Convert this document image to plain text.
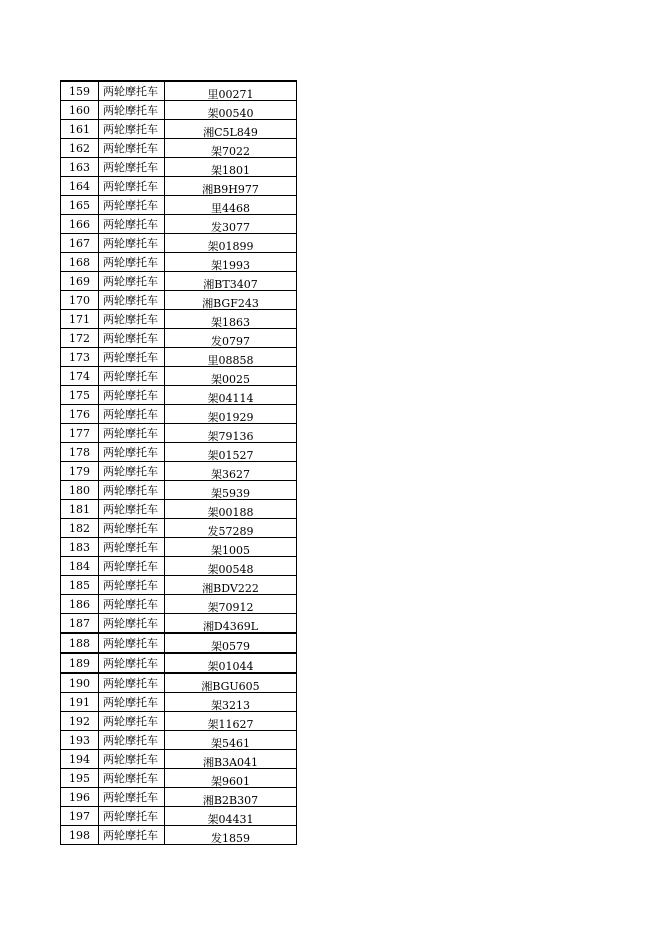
159	两轮摩托车	里00271
160	两轮摩托车	架00540
161	两轮摩托车	湘C5L849
162	两轮摩托车	架7022
163	两轮摩托车	架1801
164	两轮摩托车	湘B9H977
165	两轮摩托车	里4468
166	两轮摩托车	发3077
167	两轮摩托车	架01899
168	两轮摩托车	架1993
169	两轮摩托车	湘BT3407
170	两轮摩托车	湘BGF243
171	两轮摩托车	架1863
172	两轮摩托车	发0797
173	两轮摩托车	里08858
174	两轮摩托车	架0025
175	两轮摩托车	架04114
176	两轮摩托车	架01929
177	两轮摩托车	架79136
178	两轮摩托车	架01527
179	两轮摩托车	架3627
180	两轮摩托车	架5939
181	两轮摩托车	架00188
182	两轮摩托车	发57289
183	两轮摩托车	架1005
184	两轮摩托车	架00548
185	两轮摩托车	湘BDV222
186	两轮摩托车	架70912
187	两轮摩托车	湘D4369L
188	两轮摩托车	架0579
189	两轮摩托车	架01044
190	两轮摩托车	湘BGU605
191	两轮摩托车	架3213
192	两轮摩托车	架11627
193	两轮摩托车	架5461
194	两轮摩托车	湘B3A041
195	两轮摩托车	架9601
196	两轮摩托车	湘B2B307
197	两轮摩托车	架04431
198	两轮摩托车	发1859
